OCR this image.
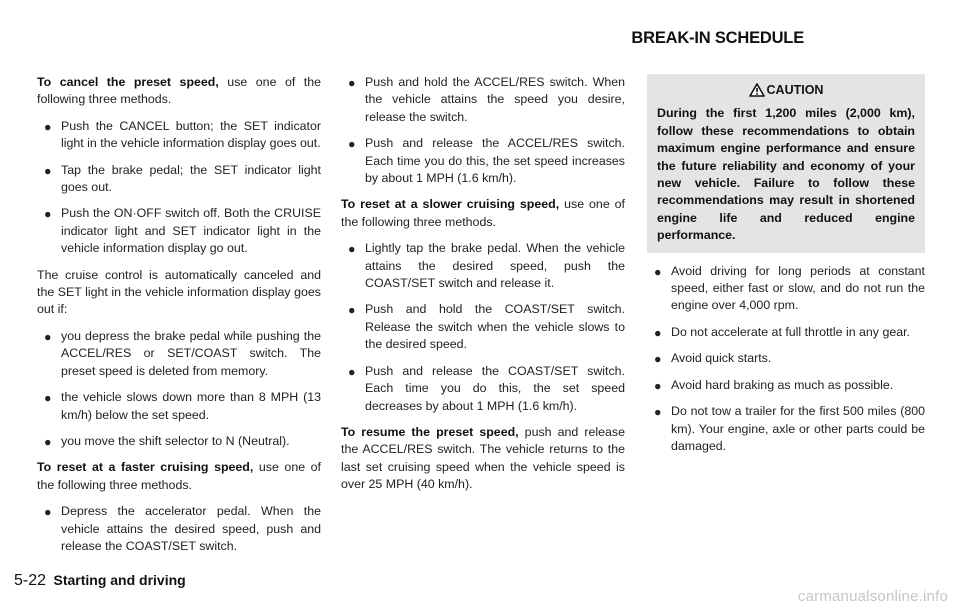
BREAK-IN SCHEDULE

To cancel the preset speed, use one of the following three methods.

● Push the CANCEL button; the SET indicator light in the vehicle information display goes out.
● Tap the brake pedal; the SET indicator light goes out.
● Push the ON·OFF switch off. Both the CRUISE indicator light and SET indicator light in the vehicle information display go out.

The cruise control is automatically canceled and the SET light in the vehicle information display goes out if:

● you depress the brake pedal while pushing the ACCEL/RES or SET/COAST switch. The preset speed is deleted from memory.
● the vehicle slows down more than 8 MPH (13 km/h) below the set speed.
● you move the shift selector to N (Neutral).

To reset at a faster cruising speed, use one of the following three methods.

● Depress the accelerator pedal. When the vehicle attains the desired speed, push and release the COAST/SET switch.
● Push and hold the ACCEL/RES switch. When the vehicle attains the speed you desire, release the switch.
● Push and release the ACCEL/RES switch. Each time you do this, the set speed increases by about 1 MPH (1.6 km/h).

To reset at a slower cruising speed, use one of the following three methods.

● Lightly tap the brake pedal. When the vehicle attains the desired speed, push the COAST/SET switch and release it.
● Push and hold the COAST/SET switch. Release the switch when the vehicle slows to the desired speed.
● Push and release the COAST/SET switch. Each time you do this, the set speed decreases by about 1 MPH (1.6 km/h).

To resume the preset speed, push and release the ACCEL/RES switch. The vehicle returns to the last set cruising speed when the vehicle speed is over 25 MPH (40 km/h).

CAUTION
During the first 1,200 miles (2,000 km), follow these recommendations to obtain maximum engine performance and ensure the future reliability and economy of your new vehicle. Failure to follow these recommendations may result in shortened engine life and reduced engine performance.
● Avoid driving for long periods at constant speed, either fast or slow, and do not run the engine over 4,000 rpm.
● Do not accelerate at full throttle in any gear.
● Avoid quick starts.
● Avoid hard braking as much as possible.
● Do not tow a trailer for the first 500 miles (800 km). Your engine, axle or other parts could be damaged.
5-22 Starting and driving
carmanualsonline.info
